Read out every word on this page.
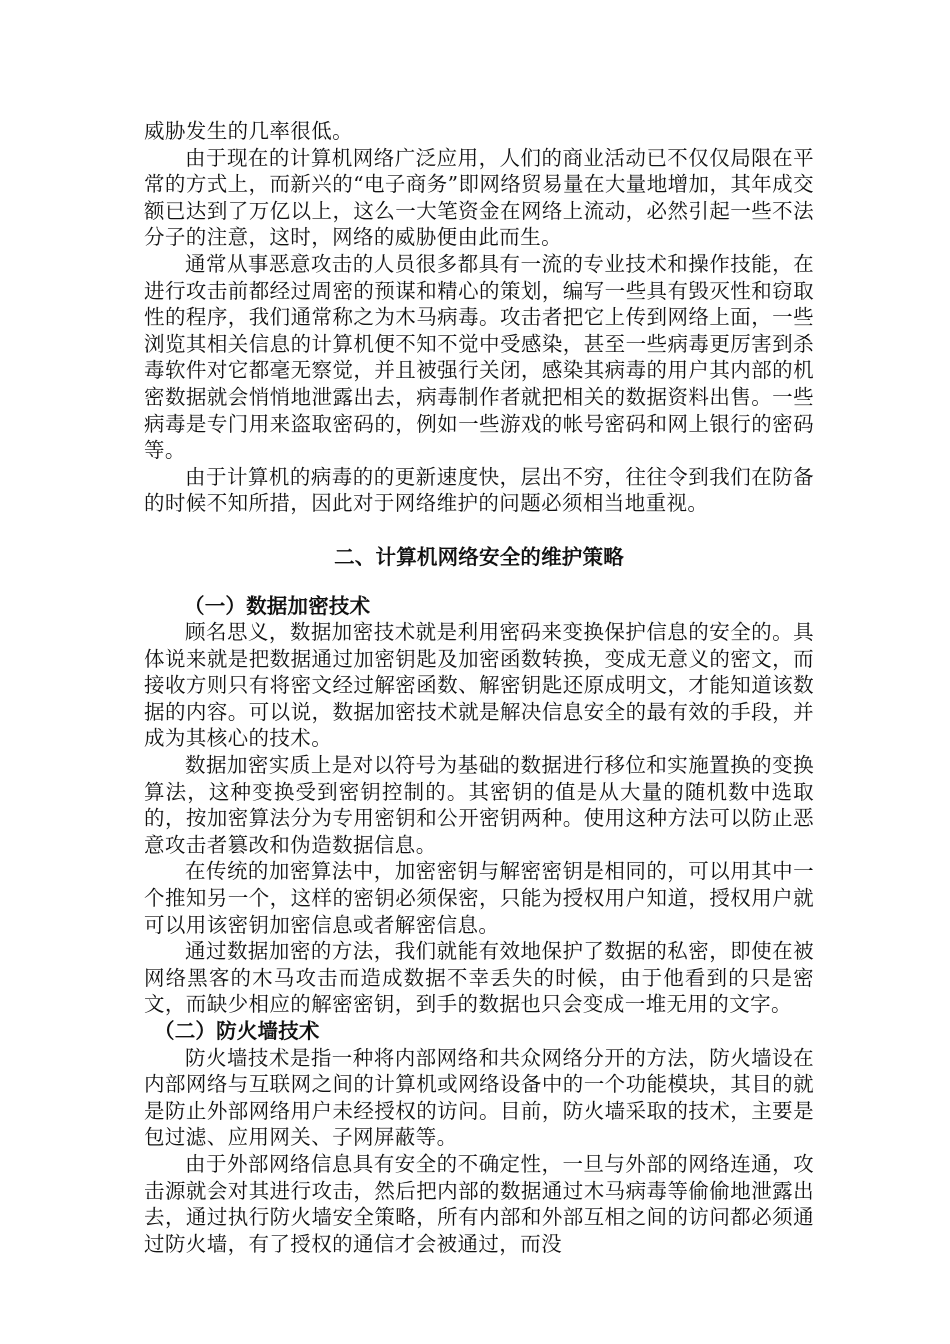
威胁发生的几率很低。

由于现在的计算机网络广泛应用，人们的商业活动已不仅仅局限在平常的方式上，而新兴的“电子商务”即网络贸易量在大量地增加，其年成交额已达到了万亿以上，这么一大笔资金在网络上流动，必然引起一些不法分子的注意，这时，网络的威胁便由此而生。

通常从事恶意攻击的人员很多都具有一流的专业技术和操作技能，在进行攻击前都经过周密的预谋和精心的策划，编写一些具有毁灭性和窃取性的程序，我们通常称之为木马病毒。攻击者把它上传到网络上面，一些浏览其相关信息的计算机便不知不觉中受感染，甚至一些病毒更厉害到杀毒软件对它都毫无察觉，并且被强行关闭，感染其病毒的用户其内部的机密数据就会悄悄地泄露出去，病毒制作者就把相关的数据资料出售。一些病毒是专门用来盗取密码的，例如一些游戏的帐号密码和网上银行的密码等。

由于计算机的病毒的的更新速度快，层出不穷，往往令到我们在防备的时候不知所措，因此对于网络维护的问题必须相当地重视。

二、计算机网络安全的维护策略

（一）数据加密技术

顾名思义，数据加密技术就是利用密码来变换保护信息的安全的。具体说来就是把数据通过加密钥匙及加密函数转换，变成无意义的密文，而接收方则只有将密文经过解密函数、解密钥匙还原成明文，才能知道该数据的内容。可以说，数据加密技术就是解决信息安全的最有效的手段，并成为其核心的技术。

数据加密实质上是对以符号为基础的数据进行移位和实施置换的变换算法，这种变换受到密钥控制的。其密钥的值是从大量的随机数中选取的，按加密算法分为专用密钥和公开密钥两种。使用这种方法可以防止恶意攻击者篡改和伪造数据信息。

在传统的加密算法中，加密密钥与解密密钥是相同的，可以用其中一个推知另一个，这样的密钥必须保密，只能为授权用户知道，授权用户就可以用该密钥加密信息或者解密信息。

通过数据加密的方法，我们就能有效地保护了数据的私密，即使在被网络黑客的木马攻击而造成数据不幸丢失的时候，由于他看到的只是密文，而缺少相应的解密密钥，到手的数据也只会变成一堆无用的文字。

（二）防火墙技术

防火墙技术是指一种将内部网络和共众网络分开的方法，防火墙设在内部网络与互联网之间的计算机或网络设备中的一个功能模块，其目的就是防止外部网络用户未经授权的访问。目前，防火墙采取的技术，主要是包过滤、应用网关、子网屏蔽等。

由于外部网络信息具有安全的不确定性，一旦与外部的网络连通，攻击源就会对其进行攻击，然后把内部的数据通过木马病毒等偷偷地泄露出去，通过执行防火墙安全策略，所有内部和外部互相之间的访问都必须通过防火墙，有了授权的通信才会被通过，而没
